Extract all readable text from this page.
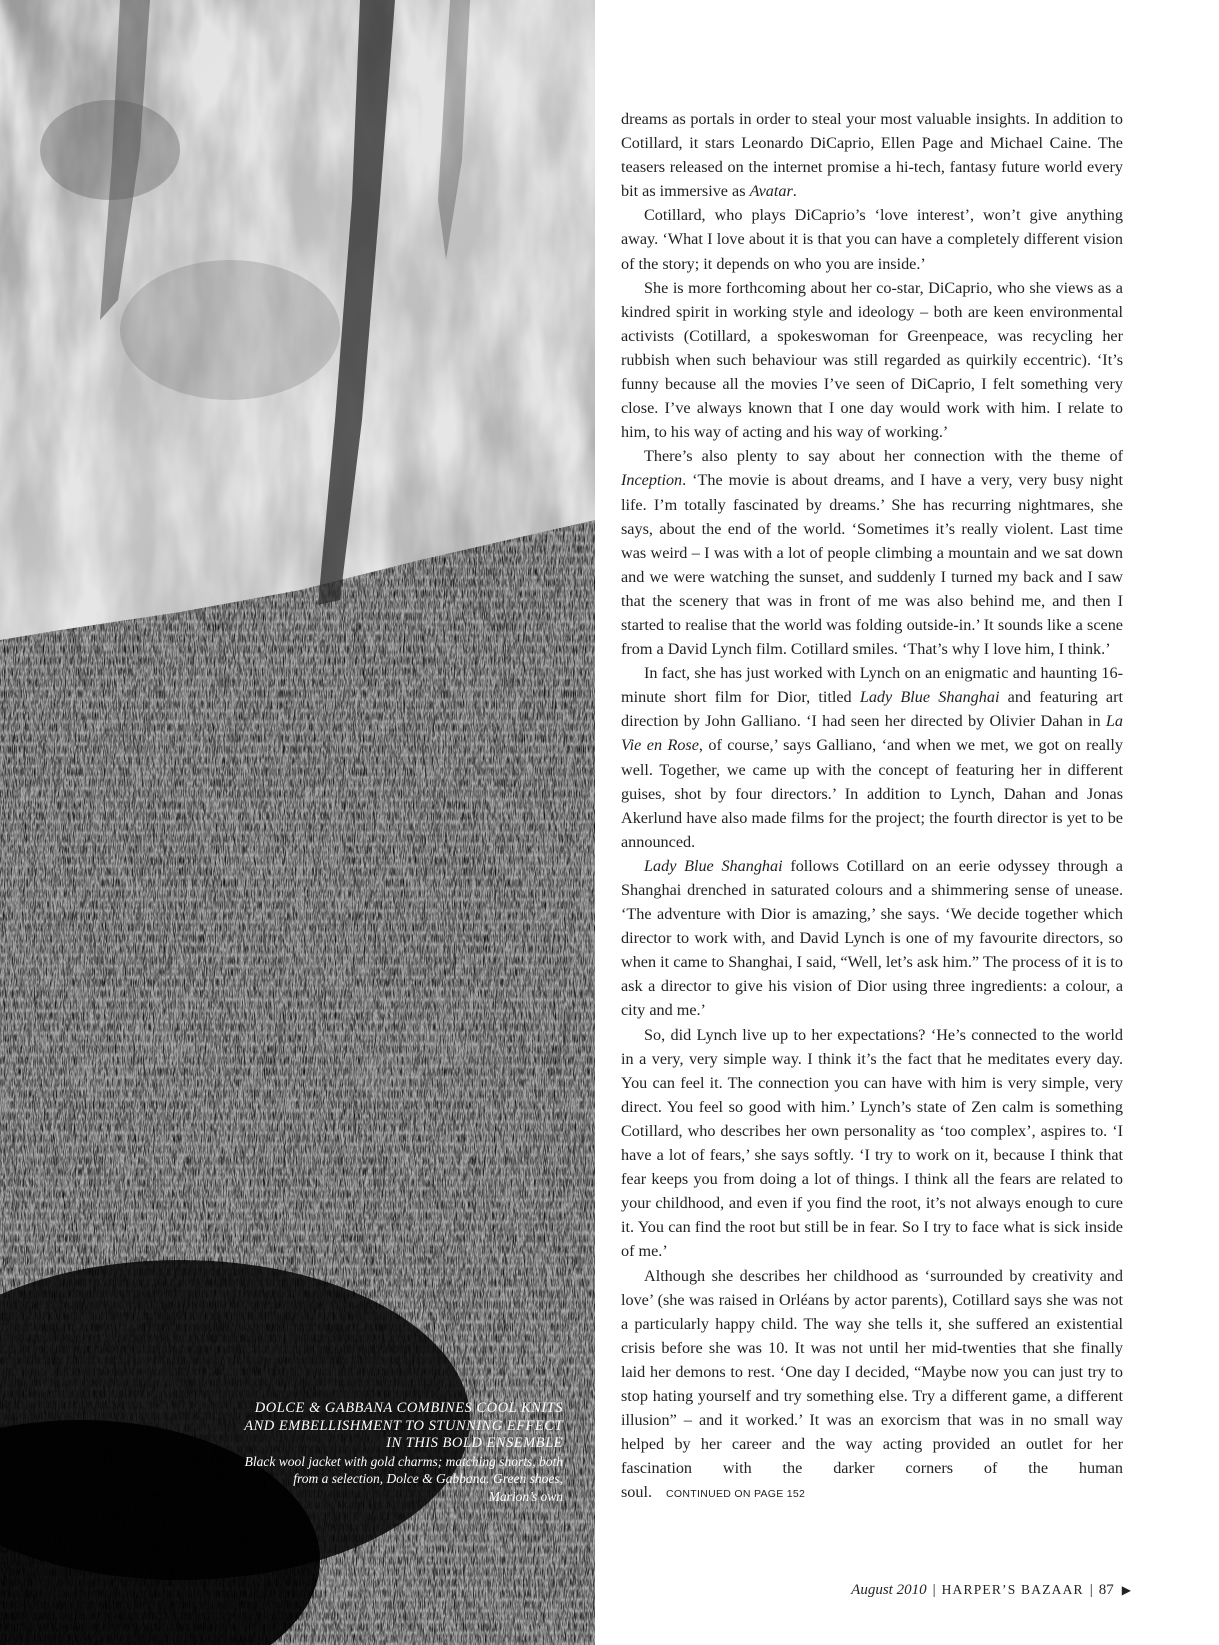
DOLCE & GABBANA COMBINES COOL KNITS AND EMBELLISHMENT TO STUNNING EFFECT IN THIS BOLD ENSEMBLE
Black wool jacket with gold charms; matching shorts, both from a selection, Dolce & Gabbana. Green shoes, Marion’s own

dreams as portals in order to steal your most valuable insights. In addition to Cotillard, it stars Leonardo DiCaprio, Ellen Page and Michael Caine. The teasers released on the internet promise a hi-tech, fantasy future world every bit as immersive as Avatar.

Cotillard, who plays DiCaprio’s ‘love interest’, won’t give anything away. ‘What I love about it is that you can have a completely different vision of the story; it depends on who you are inside.’

She is more forthcoming about her co-star, DiCaprio, who she views as a kindred spirit in working style and ideology – both are keen environmental activists (Cotillard, a spokeswoman for Greenpeace, was recycling her rubbish when such behaviour was still regarded as quirkily eccentric). ‘It’s funny because all the movies I’ve seen of DiCaprio, I felt something very close. I’ve always known that I one day would work with him. I relate to him, to his way of acting and his way of working.’

There’s also plenty to say about her connection with the theme of Inception. ‘The movie is about dreams, and I have a very, very busy night life. I’m totally fascinated by dreams.’ She has recurring nightmares, she says, about the end of the world. ‘Sometimes it’s really violent. Last time was weird – I was with a lot of people climbing a mountain and we sat down and we were watching the sunset, and suddenly I turned my back and I saw that the scenery that was in front of me was also behind me, and then I started to realise that the world was folding outside-in.’ It sounds like a scene from a David Lynch film. Cotillard smiles. ‘That’s why I love him, I think.’

In fact, she has just worked with Lynch on an enigmatic and haunting 16-minute short film for Dior, titled Lady Blue Shanghai and featuring art direction by John Galliano. ‘I had seen her directed by Olivier Dahan in La Vie en Rose, of course,’ says Galliano, ‘and when we met, we got on really well. Together, we came up with the concept of featuring her in different guises, shot by four directors.’ In addition to Lynch, Dahan and Jonas Akerlund have also made films for the project; the fourth director is yet to be announced.

Lady Blue Shanghai follows Cotillard on an eerie odyssey through a Shanghai drenched in saturated colours and a shimmering sense of unease. ‘The adventure with Dior is amazing,’ she says. ‘We decide together which director to work with, and David Lynch is one of my favourite directors, so when it came to Shanghai, I said, “Well, let’s ask him.” The process of it is to ask a director to give his vision of Dior using three ingredients: a colour, a city and me.’

So, did Lynch live up to her expectations? ‘He’s connected to the world in a very, very simple way. I think it’s the fact that he meditates every day. You can feel it. The connection you can have with him is very simple, very direct. You feel so good with him.’ Lynch’s state of Zen calm is something Cotillard, who describes her own personality as ‘too complex’, aspires to. ‘I have a lot of fears,’ she says softly. ‘I try to work on it, because I think that fear keeps you from doing a lot of things. I think all the fears are related to your childhood, and even if you find the root, it’s not always enough to cure it. You can find the root but still be in fear. So I try to face what is sick inside of me.’

Although she describes her childhood as ‘surrounded by creativity and love’ (she was raised in Orléans by actor parents), Cotillard says she was not a particularly happy child. The way she tells it, she suffered an existential crisis before she was 10. It was not until her mid-twenties that she finally laid her demons to rest. ‘One day I decided, “Maybe now you can just try to stop hating yourself and try something else. Try a different game, a different illusion” – and it worked.’ It was an exorcism that was in no small way helped by her career and the way acting provided an outlet for her fascination with the darker corners of the human soul. CONTINUED ON PAGE 152

August 2010 | HARPER’S BAZAAR | 87 ▶
